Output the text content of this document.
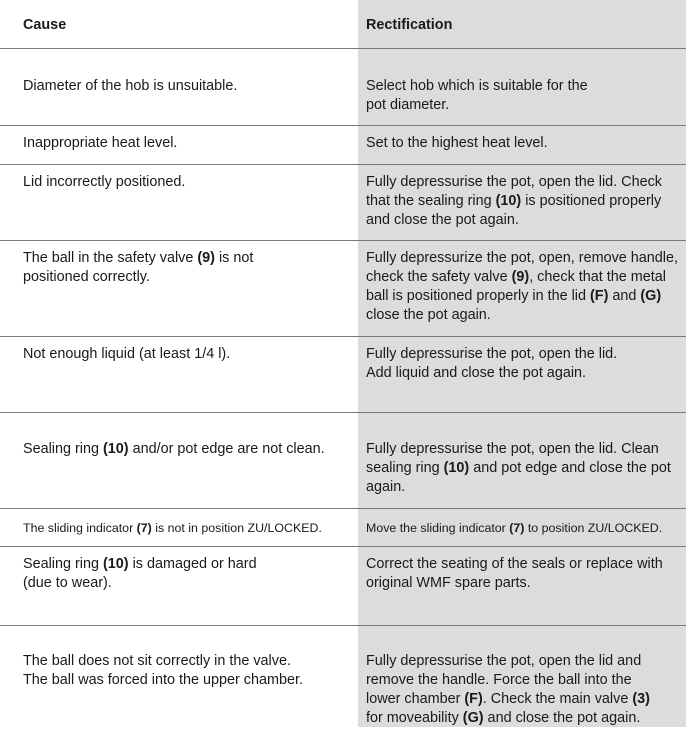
Cause	Rectification

Diameter of the hob is unsuitable.	Select hob which is suitable for the
pot diameter.

Inappropriate heat level.	Set to the highest heat level.

Lid incorrectly positioned.	Fully depressurise the pot, open the lid. Check
that the sealing ring (10) is positioned properly
and close the pot again.

The ball in the safety valve (9) is not
positioned correctly.	Fully depressurize the pot, open, remove handle,
check the safety valve (9), check that the metal
ball is positioned properly in the lid (F) and (G)
close the pot again.

Not enough liquid (at least 1/4 l).	Fully depressurise the pot, open the lid.
Add liquid and close the pot again.

Sealing ring (10) and/or pot edge are not clean.	Fully depressurise the pot, open the lid. Clean
sealing ring (10) and pot edge and close the pot
again.

The sliding indicator (7) is not in position ZU/LOCKED.	Move the sliding indicator (7) to position ZU/LOCKED.

Sealing ring (10) is damaged or hard
(due to wear).	Correct the seating of the seals or replace with
original WMF spare parts.

The ball does not sit correctly in the valve.
The ball was forced into the upper chamber.	Fully depressurise the pot, open the lid and
remove the handle. Force the ball into the
lower chamber (F). Check the main valve (3)
for moveability (G) and close the pot again.
